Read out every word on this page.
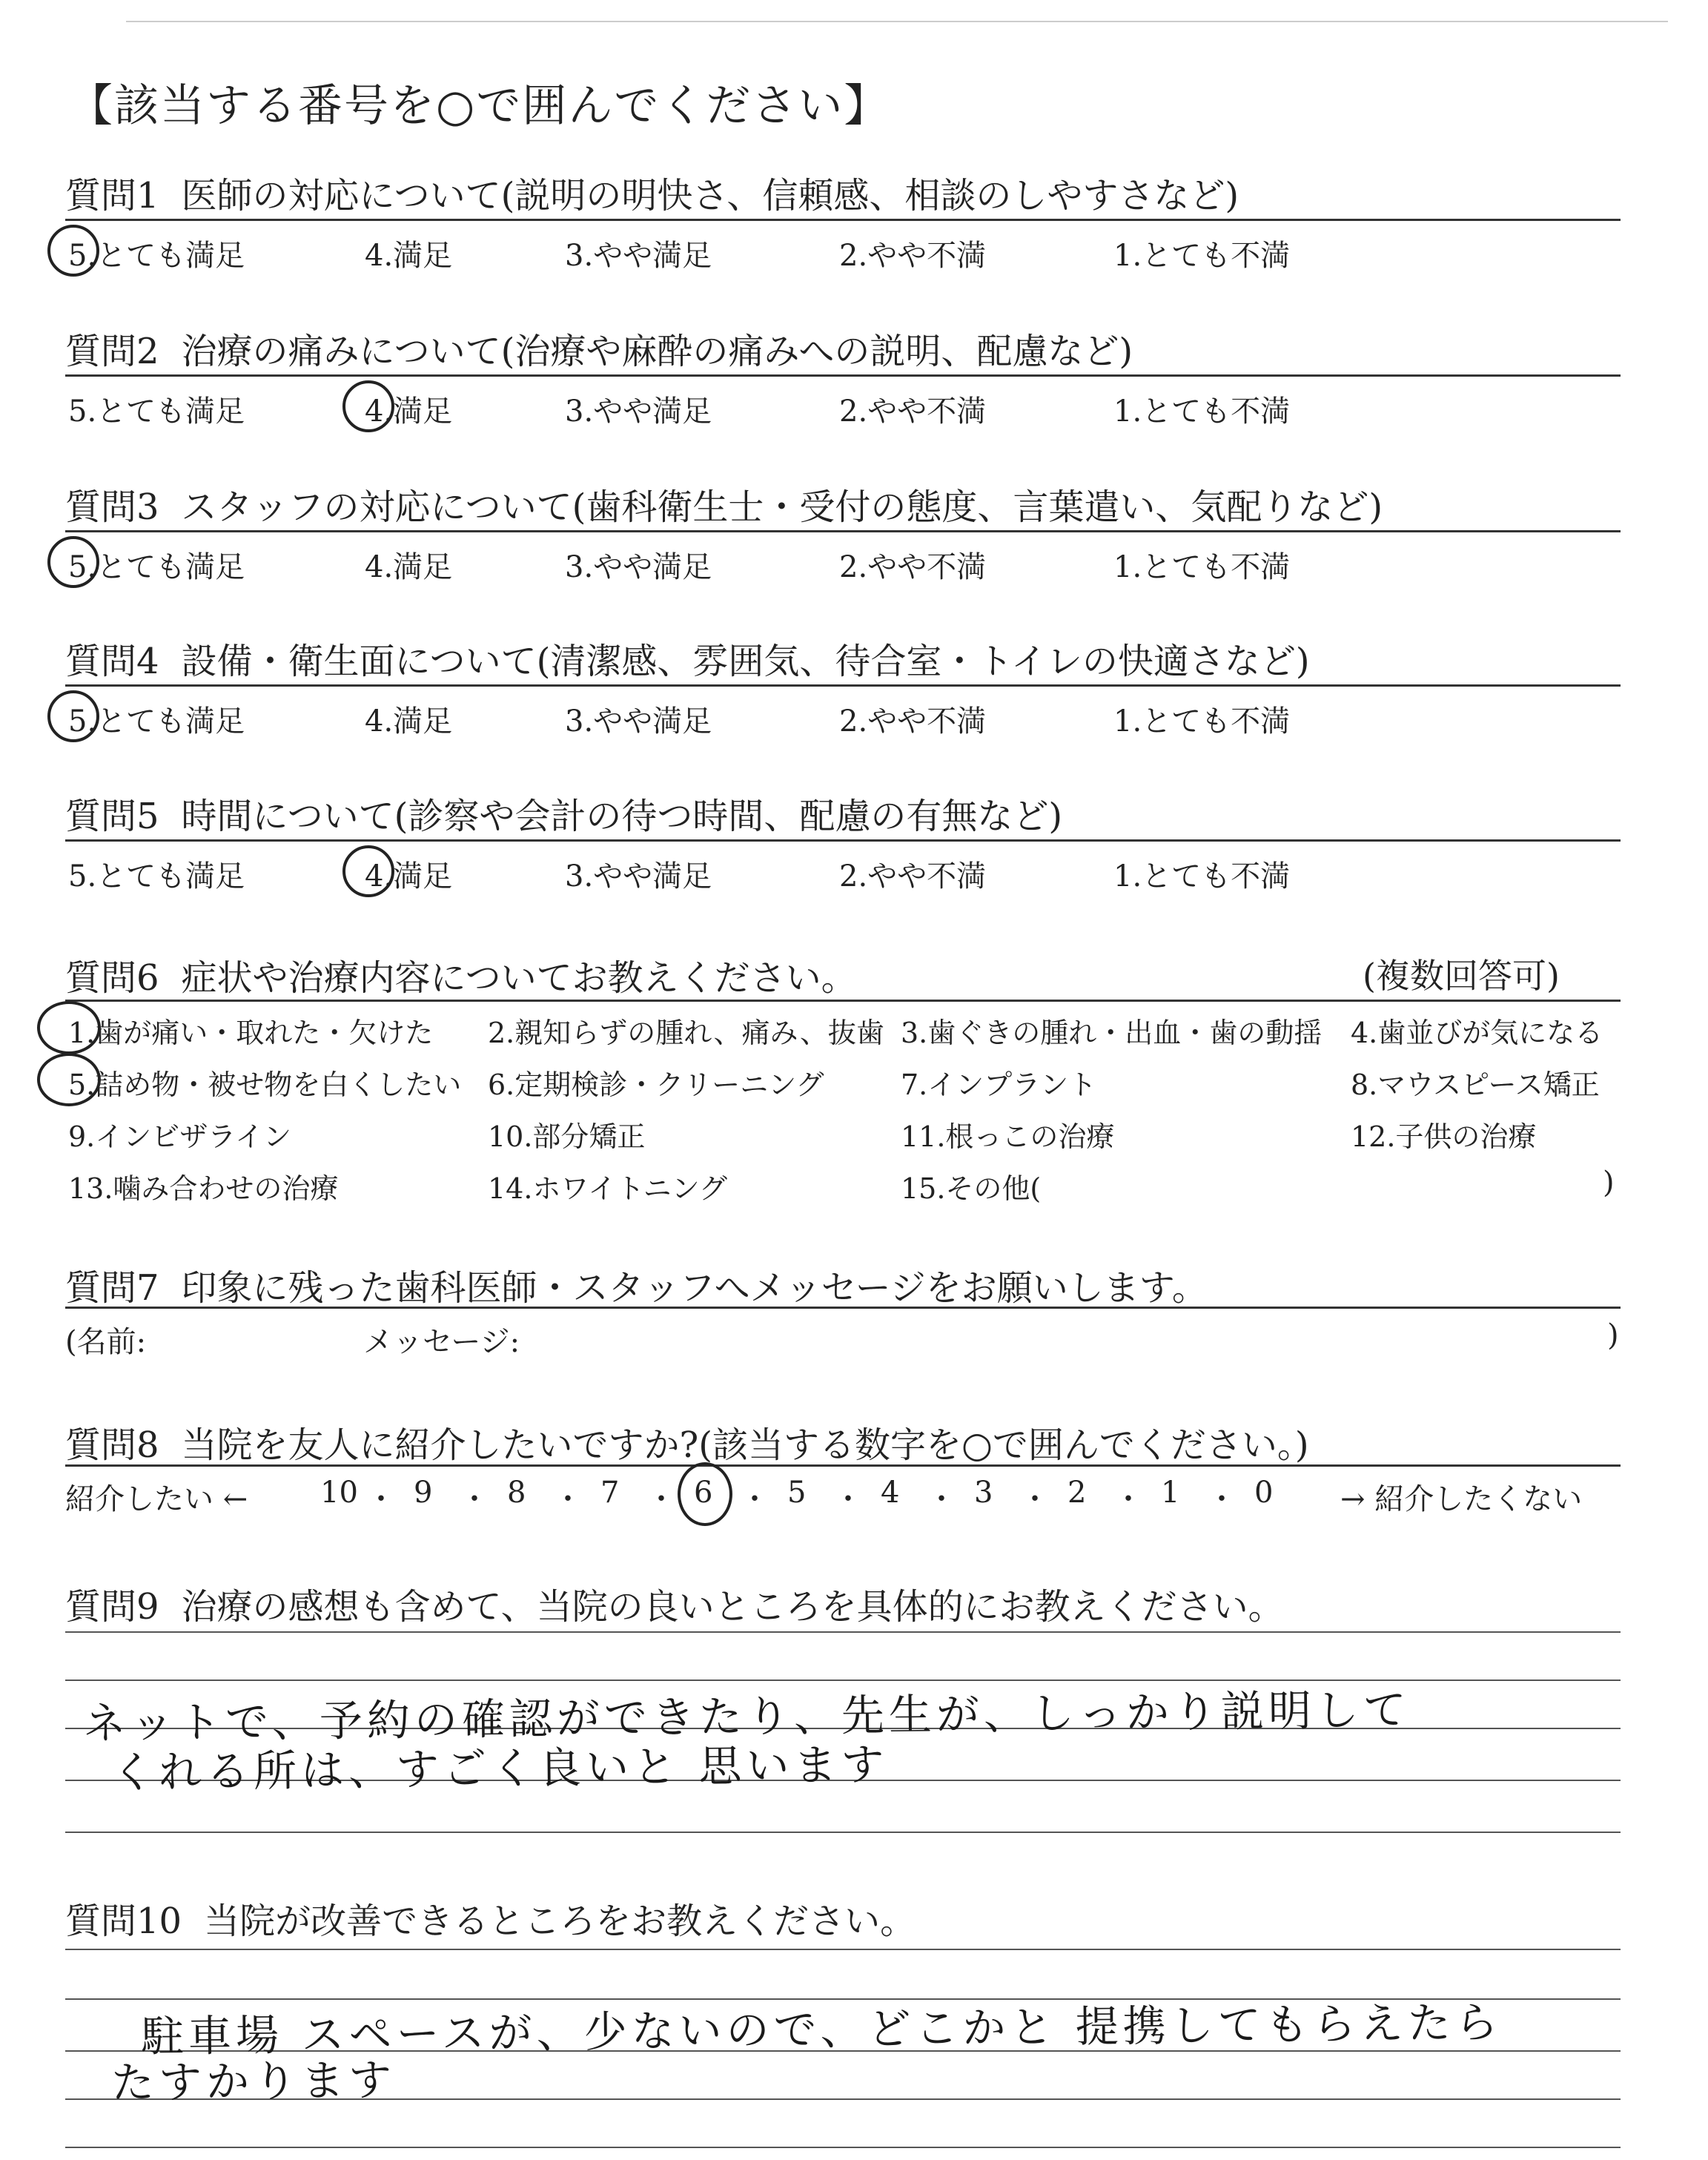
【該当する番号を○で囲んでください】
質問1 医師の対応について(説明の明快さ、信頼感、相談のしやすさなど)
5.とても満足	4.満足	3.やや満足	2.やや不満	1.とても不満
質問2 治療の痛みについて(治療や麻酔の痛みへの説明、配慮など)
5.とても満足	4.満足	3.やや満足	2.やや不満	1.とても不満
質問3 スタッフの対応について(歯科衛生士・受付の態度、言葉遣い、気配りなど)
5.とても満足	4.満足	3.やや満足	2.やや不満	1.とても不満
質問4 設備・衛生面について(清潔感、雰囲気、待合室・トイレの快適さなど)
5.とても満足	4.満足	3.やや満足	2.やや不満	1.とても不満
質問5 時間について(診察や会計の待つ時間、配慮の有無など)
5.とても満足	4.満足	3.やや満足	2.やや不満	1.とても不満
質問6 症状や治療内容についてお教えください。	(複数回答可)
1.歯が痛い・取れた・欠けた 2.親知らずの腫れ、痛み、抜歯 3.歯ぐきの腫れ・出血・歯の動揺 4.歯並びが気になる
5.詰め物・被せ物を白くしたい 6.定期検診・クリーニング	7.インプラント	8.マウスピース矯正
9.インビザライン	10.部分矯正	11.根っこの治療	12.子供の治療
13.噛み合わせの治療	14.ホワイトニング	15.その他(	)
質問7 印象に残った歯科医師・スタッフへメッセージをお願いします。
(名前:	メッセージ:	)
質問8 当院を友人に紹介したいですか?(該当する数字を○で囲んでください。)
紹介したい ←	→ 紹介したくない
10 ・ 9 ・ 8 ・ 7 ・ 6 ・ 5 ・ 4 ・ 3 ・ 2 ・ 1 ・ 0
質問9 治療の感想も含めて、当院の良いところを具体的にお教えください。
ネットで、予約の確認ができたり、先生が、しっかり説明して
くれる所は、すごく良いと 思います
質問10 当院が改善できるところをお教えください。
駐車場 スペースが、少ないので、どこかと 提携してもらえたら
たすかります
